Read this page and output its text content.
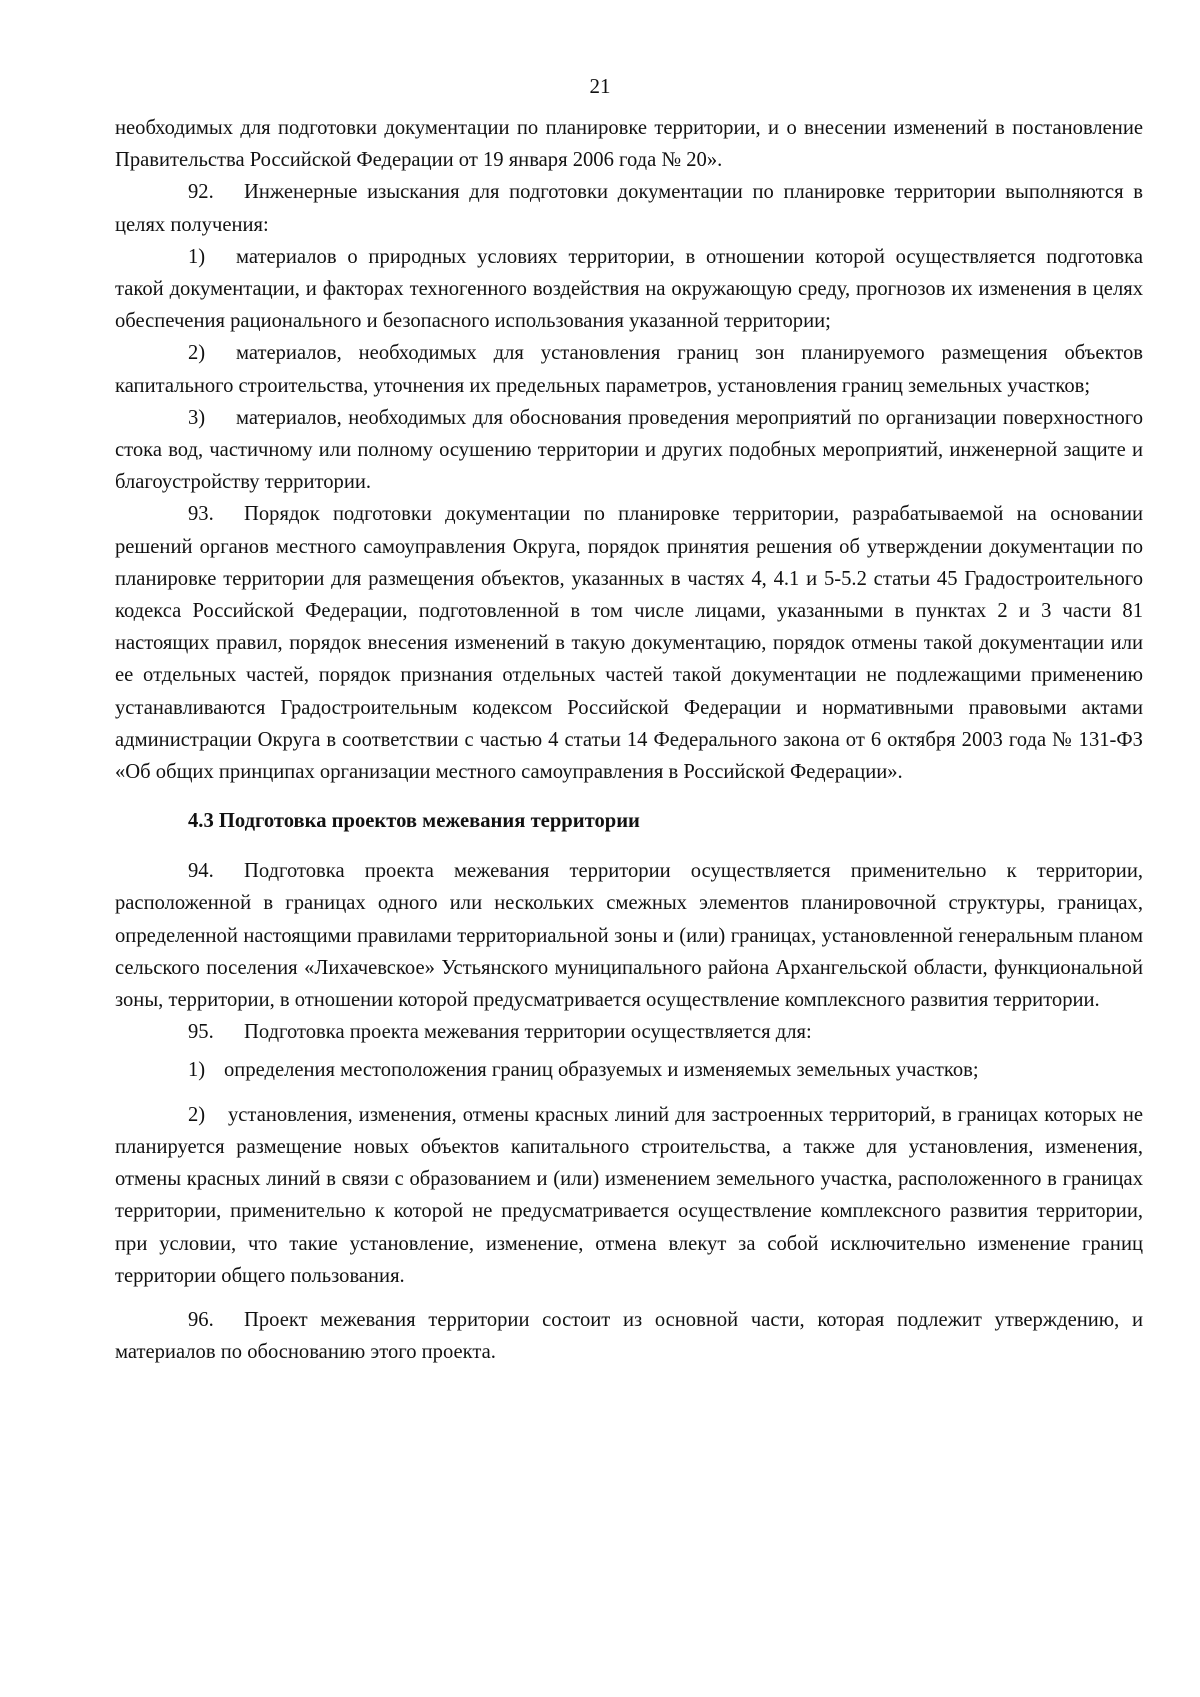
21

необходимых для подготовки документации по планировке территории, и о внесении изменений в постановление Правительства Российской Федерации от 19 января 2006 года № 20».

92. Инженерные изыскания для подготовки документации по планировке территории выполняются в целях получения:

1) материалов о природных условиях территории, в отношении которой осуществляется подготовка такой документации, и факторах техногенного воздействия на окружающую среду, прогнозов их изменения в целях обеспечения рационального и безопасного использования указанной территории;

2) материалов, необходимых для установления границ зон планируемого размещения объектов капитального строительства, уточнения их предельных параметров, установления границ земельных участков;

3) материалов, необходимых для обоснования проведения мероприятий по организации поверхностного стока вод, частичному или полному осушению территории и других подобных мероприятий, инженерной защите и благоустройству территории.

93. Порядок подготовки документации по планировке территории, разрабатываемой на основании решений органов местного самоуправления Округа, порядок принятия решения об утверждении документации по планировке территории для размещения объектов, указанных в частях 4, 4.1 и 5-5.2 статьи 45 Градостроительного кодекса Российской Федерации, подготовленной в том числе лицами, указанными в пунктах 2 и 3 части 81 настоящих правил, порядок внесения изменений в такую документацию, порядок отмены такой документации или ее отдельных частей, порядок признания отдельных частей такой документации не подлежащими применению устанавливаются Градостроительным кодексом Российской Федерации и нормативными правовыми актами администрации Округа в соответствии с частью 4 статьи 14 Федерального закона от 6 октября 2003 года № 131-ФЗ «Об общих принципах организации местного самоуправления в Российской Федерации».

4.3 Подготовка проектов межевания территории

94. Подготовка проекта межевания территории осуществляется применительно к территории, расположенной в границах одного или нескольких смежных элементов планировочной структуры, границах, определенной настоящими правилами территориальной зоны и (или) границах, установленной генеральным планом сельского поселения «Лихачевское» Устьянского муниципального района Архангельской области, функциональной зоны, территории, в отношении которой предусматривается осуществление комплексного развития территории.

95. Подготовка проекта межевания территории осуществляется для:

1) определения местоположения границ образуемых и изменяемых земельных участков;

2) установления, изменения, отмены красных линий для застроенных территорий, в границах которых не планируется размещение новых объектов капитального строительства, а также для установления, изменения, отмены красных линий в связи с образованием и (или) изменением земельного участка, расположенного в границах территории, применительно к которой не предусматривается осуществление комплексного развития территории, при условии, что такие установление, изменение, отмена влекут за собой исключительно изменение границ территории общего пользования.

96. Проект межевания территории состоит из основной части, которая подлежит утверждению, и материалов по обоснованию этого проекта.
